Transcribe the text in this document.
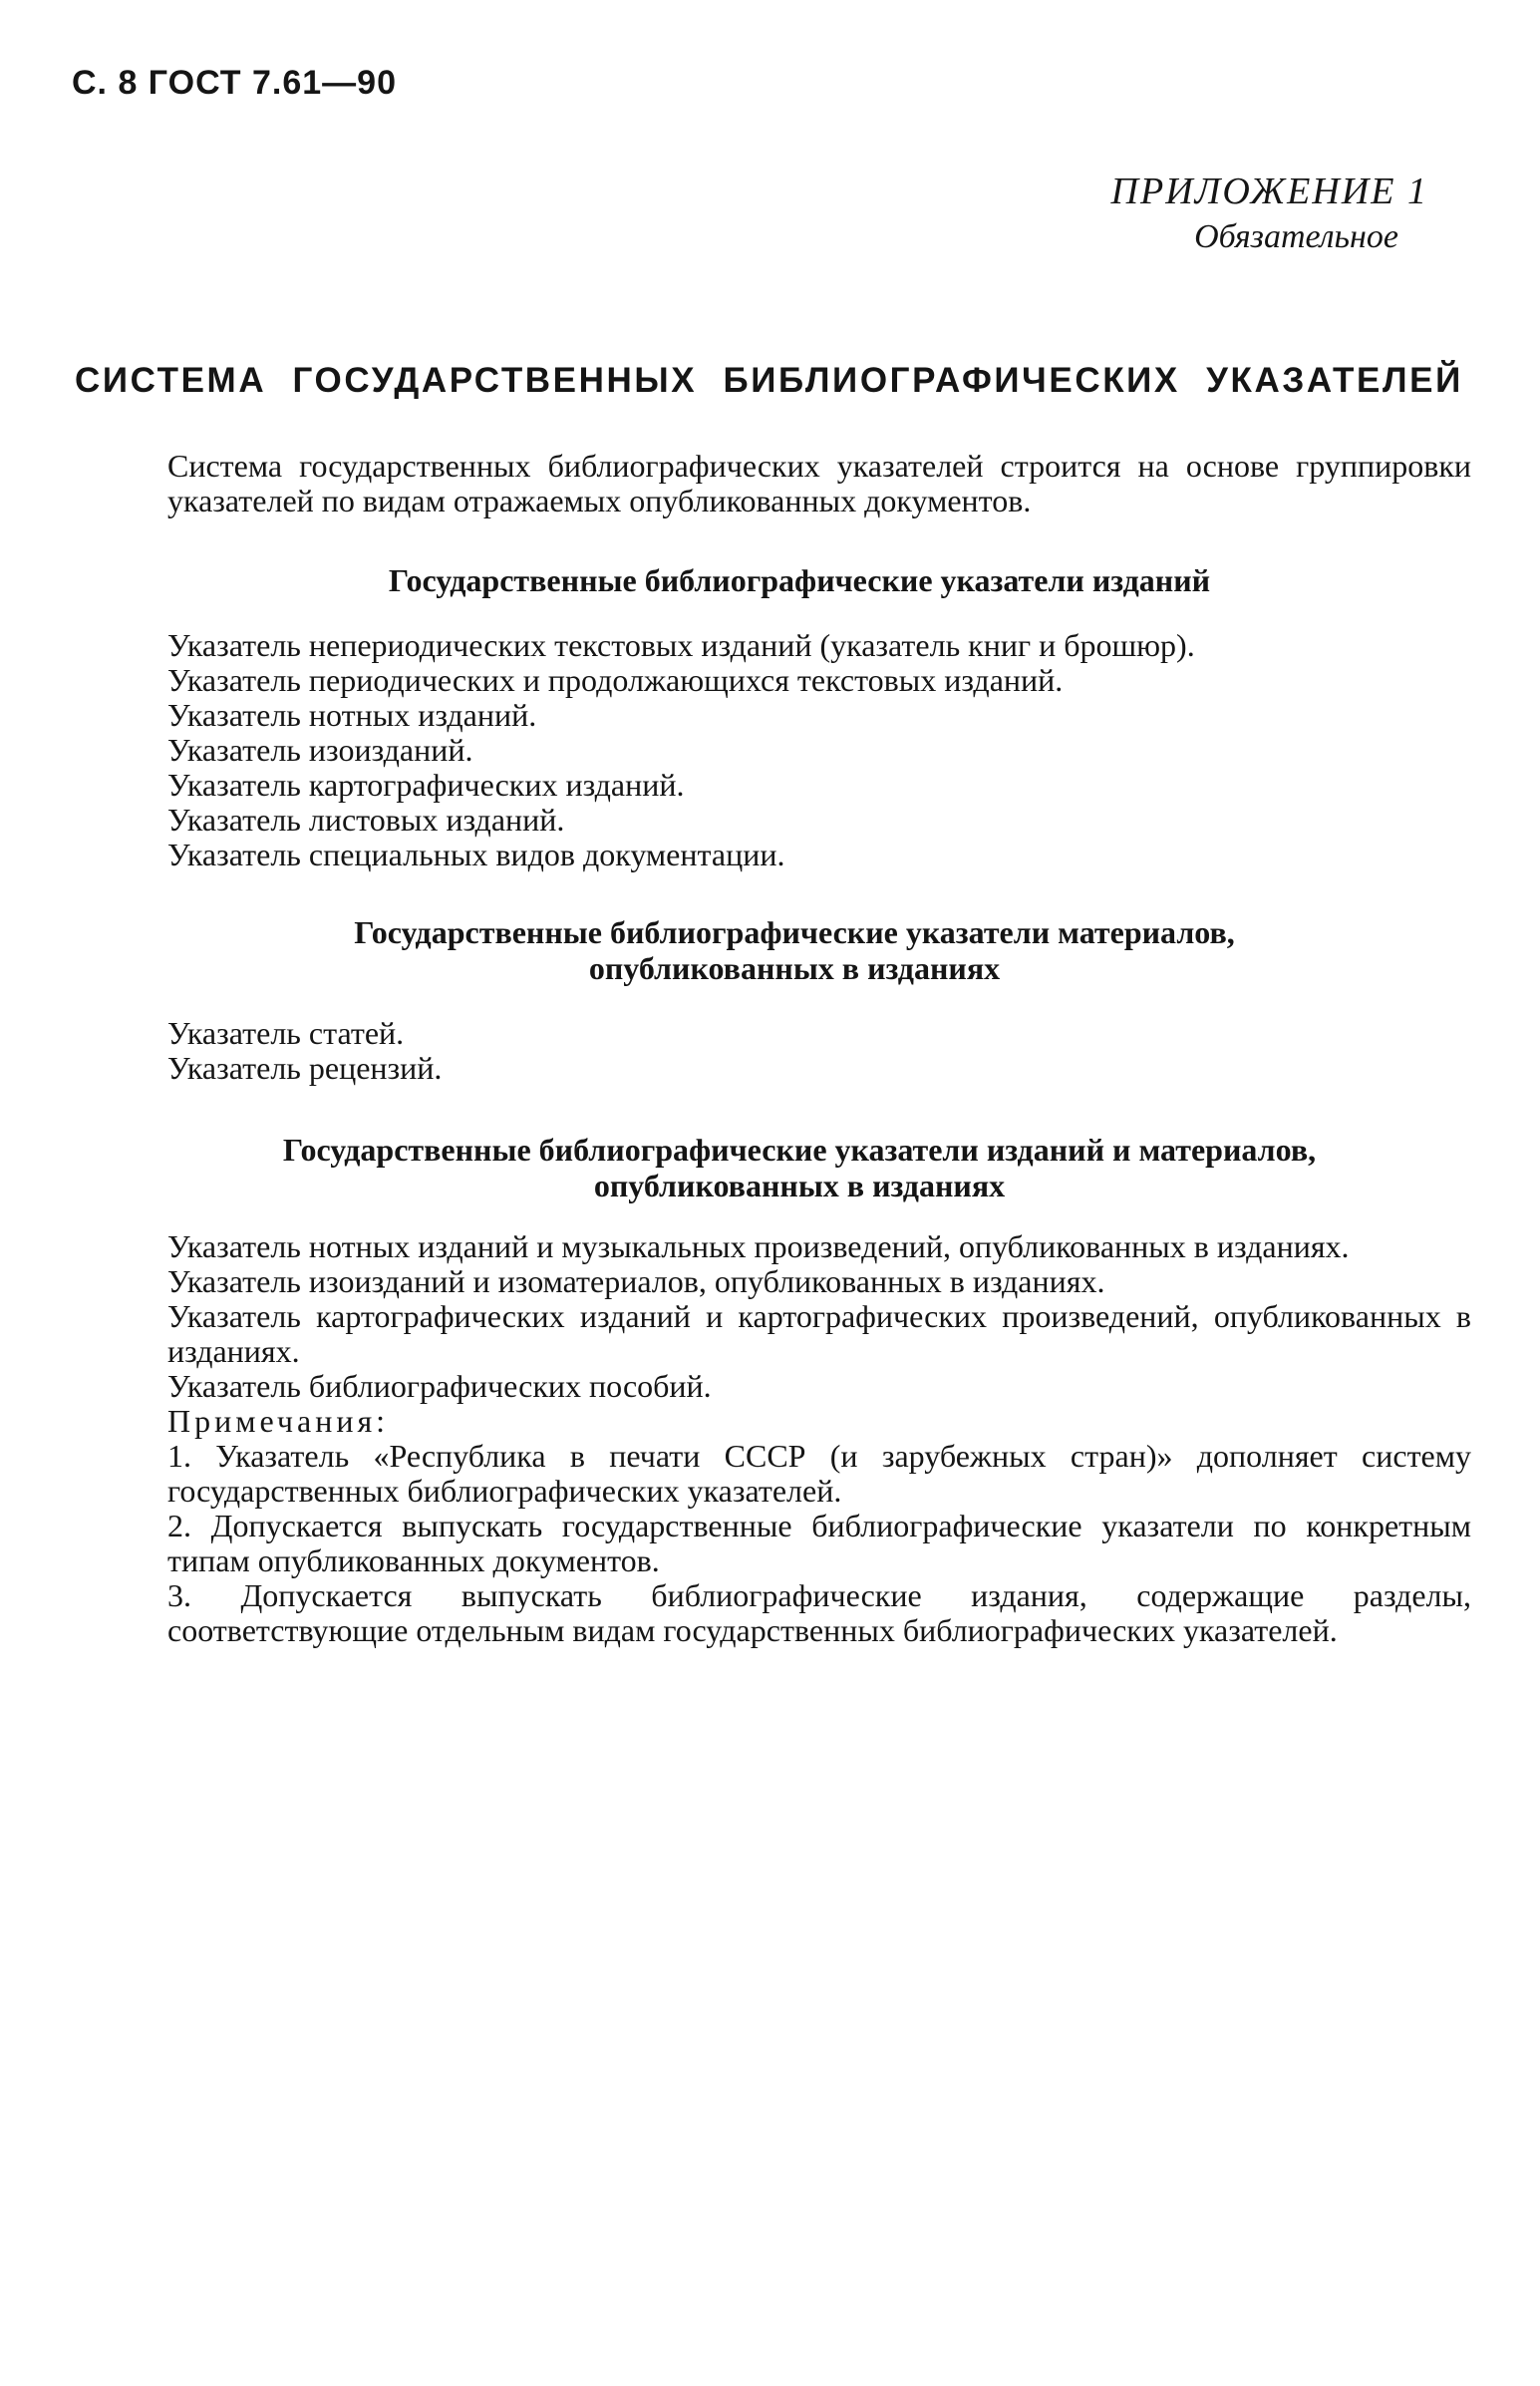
С. 8 ГОСТ 7.61—90
ПРИЛОЖЕНИЕ 1
Обязательное
СИСТЕМА ГОСУДАРСТВЕННЫХ БИБЛИОГРАФИЧЕСКИХ УКАЗАТЕЛЕЙ

Система государственных библиографических указателей строится на основе группировки указателей по видам отражаемых опубликованных документов.

Государственные библиографические указатели изданий

Указатель непериодических текстовых изданий (указатель книг и брошюр).

Указатель периодических и продолжающихся текстовых изданий.

Указатель нотных изданий.

Указатель изоизданий.

Указатель картографических изданий.

Указатель листовых изданий.

Указатель специальных видов документации.

Государственные библиографические указатели материалов,

опубликованных в изданиях

Указатель статей.

Указатель рецензий.

Государственные библиографические указатели изданий и материалов,

опубликованных в изданиях

Указатель нотных изданий и музыкальных произведений, опубликованных в изданиях.

Указатель изоизданий и изоматериалов, опубликованных в изданиях.

Указатель картографических изданий и картографических произведений, опубликованных в изданиях.

Указатель библиографических пособий.

Примечания:

1. Указатель «Республика в печати СССР (и зарубежных стран)» дополняет систему государственных библиографических указателей.

2. Допускается выпускать государственные библиографические указатели по конкретным типам опубликованных документов.

3. Допускается выпускать библиографические издания, содержащие разделы, соответствующие отдельным видам государственных библиографических указателей.
